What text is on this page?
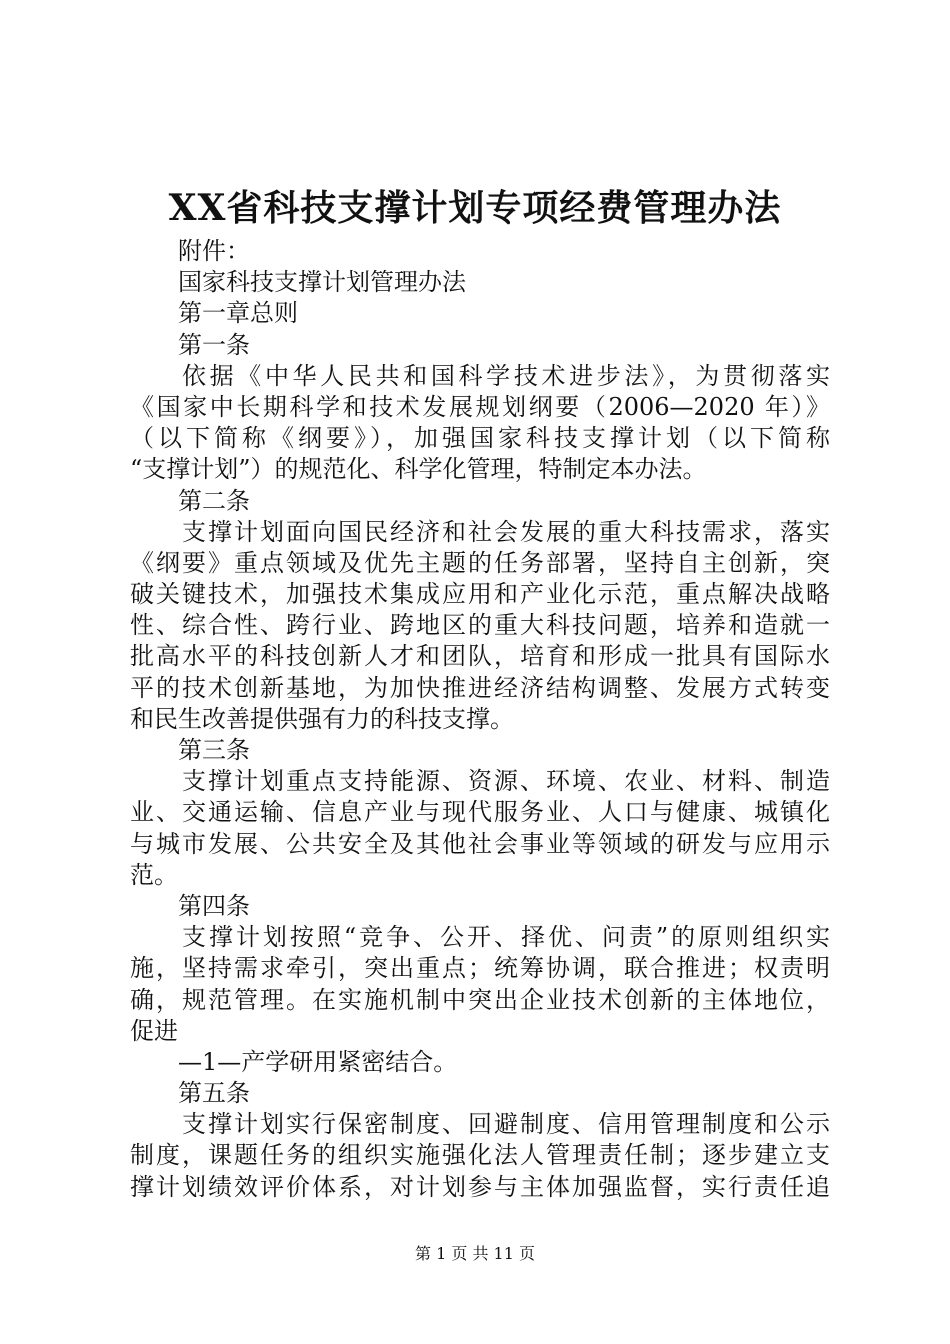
XX省科技支撑计划专项经费管理办法
附件：
国家科技支撑计划管理办法
第一章总则
第一条
依据《中华人民共和国科学技术进步法》，为贯彻落实
《国家中长期科学和技术发展规划纲要（2006—2020 年）》
（以下简称《纲要》），加强国家科技支撑计划（以下简称
“支撑计划”）的规范化、科学化管理，特制定本办法。
第二条
支撑计划面向国民经济和社会发展的重大科技需求，落实
《纲要》重点领域及优先主题的任务部署，坚持自主创新，突
破关键技术，加强技术集成应用和产业化示范，重点解决战略
性、综合性、跨行业、跨地区的重大科技问题，培养和造就一
批高水平的科技创新人才和团队，培育和形成一批具有国际水
平的技术创新基地，为加快推进经济结构调整、发展方式转变
和民生改善提供强有力的科技支撑。
第三条
支撑计划重点支持能源、资源、环境、农业、材料、制造
业、交通运输、信息产业与现代服务业、人口与健康、城镇化
与城市发展、公共安全及其他社会事业等领域的研发与应用示
范。
第四条
支撑计划按照“竞争、公开、择优、问责”的原则组织实
施，坚持需求牵引，突出重点；统筹协调，联合推进；权责明
确，规范管理。在实施机制中突出企业技术创新的主体地位，
促进
—1—产学研用紧密结合。
第五条
支撑计划实行保密制度、回避制度、信用管理制度和公示
制度，课题任务的组织实施强化法人管理责任制；逐步建立支
撑计划绩效评价体系，对计划参与主体加强监督，实行责任追
第 1 页 共 11 页
